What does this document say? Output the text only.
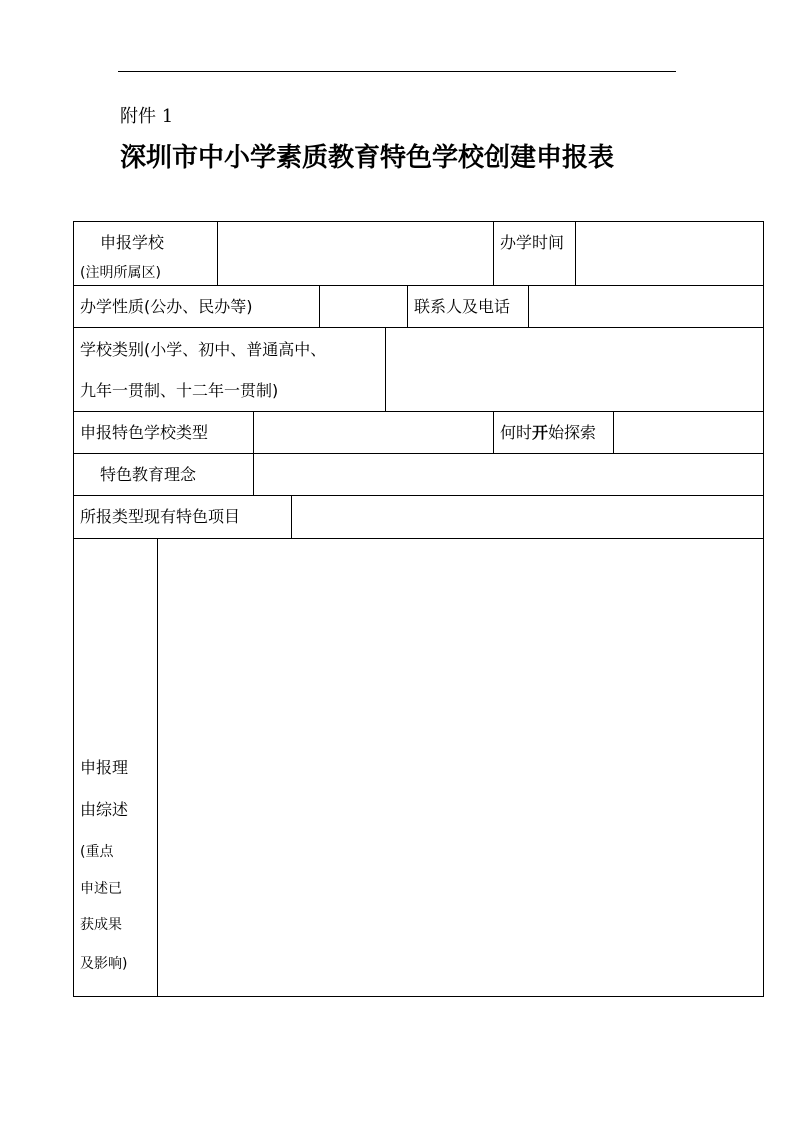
附件 1
深圳市中小学素质教育特色学校创建申报表
申报学校
(注明所属区)
办学时间
办学性质(公办、民办等)	联系人及电话
学校类别(小学、初中、普通高中、
九年一贯制、十二年一贯制)
申报特色学校类型	何时开始探索
特色教育理念
所报类型现有特色项目
申报理
由综述
(重点
申述已
获成果
及影响)
